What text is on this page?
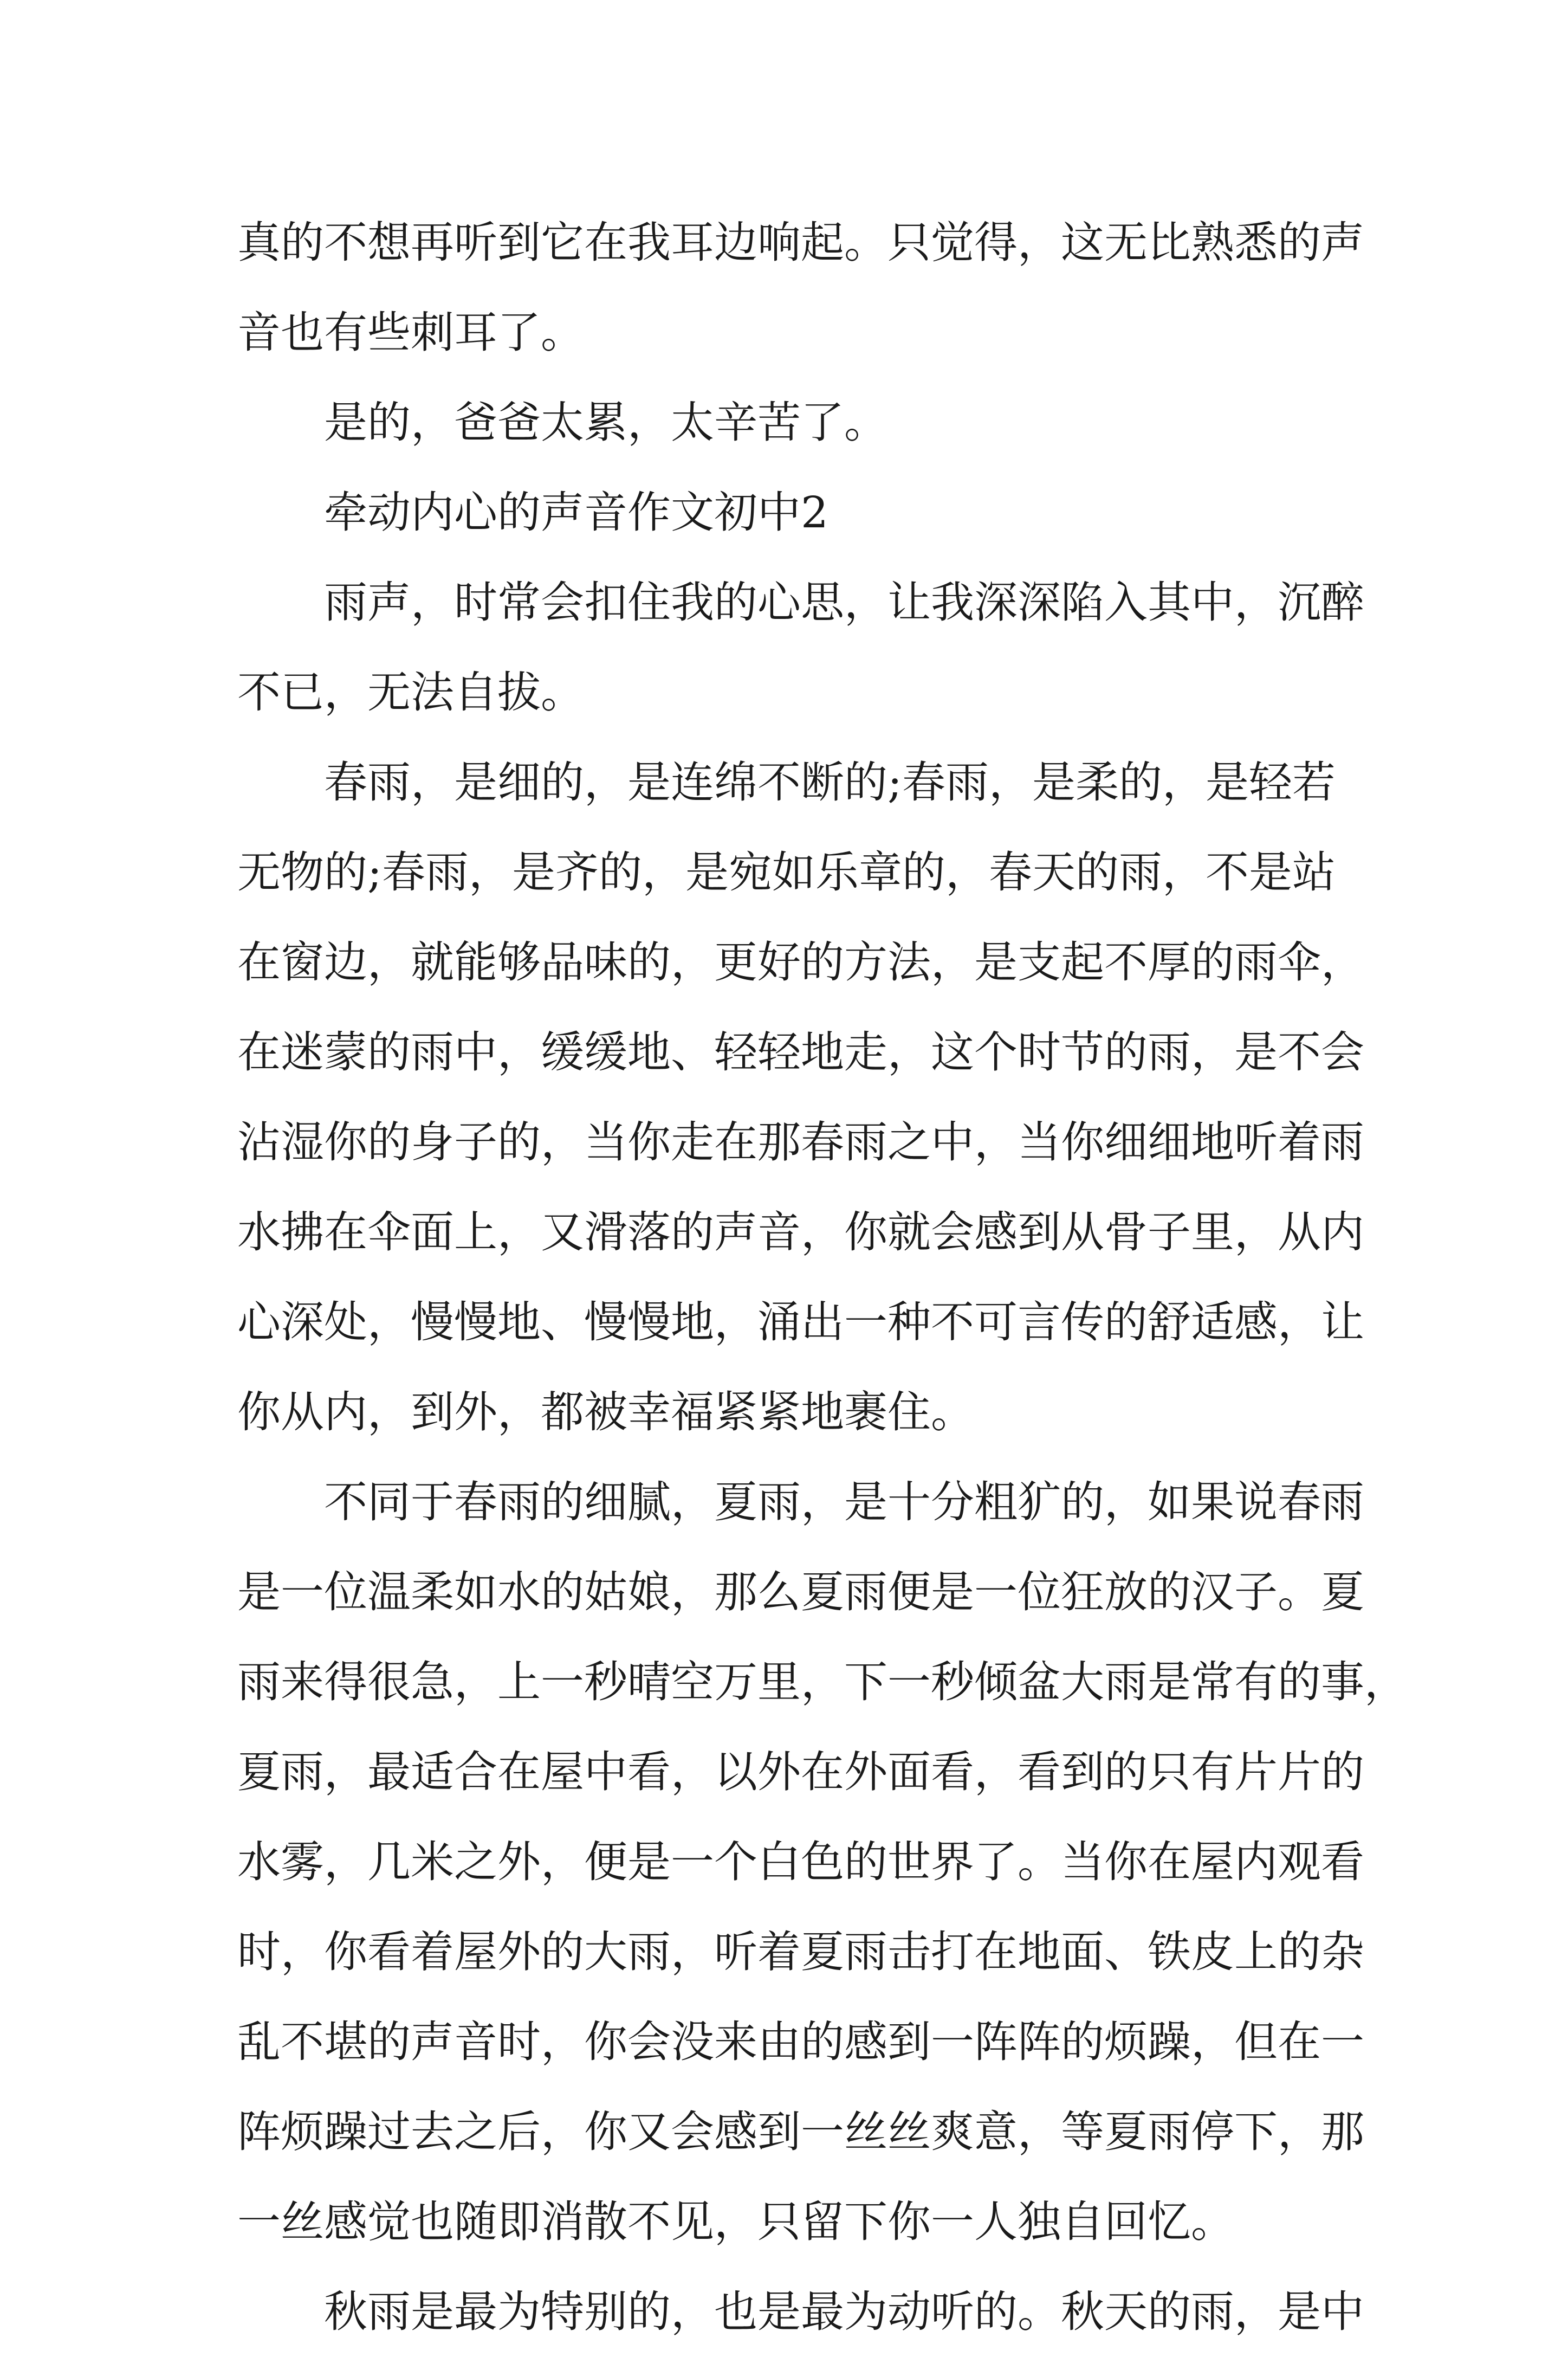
真的不想再听到它在我耳边响起。只觉得，这无比熟悉的声
音也有些刺耳了。
是的，爸爸太累，太辛苦了。
牵动内心的声音作文初中2
雨声，时常会扣住我的心思，让我深深陷入其中，沉醉
不已，无法自拔。
春雨，是细的，是连绵不断的;春雨，是柔的，是轻若
无物的;春雨，是齐的，是宛如乐章的，春天的雨，不是站
在窗边，就能够品味的，更好的方法，是支起不厚的雨伞，
在迷蒙的雨中，缓缓地、轻轻地走，这个时节的雨，是不会
沾湿你的身子的，当你走在那春雨之中，当你细细地听着雨
水拂在伞面上，又滑落的声音，你就会感到从骨子里，从内
心深处，慢慢地、慢慢地，涌出一种不可言传的舒适感，让
你从内，到外，都被幸福紧紧地裹住。
不同于春雨的细腻，夏雨，是十分粗犷的，如果说春雨
是一位温柔如水的姑娘，那么夏雨便是一位狂放的汉子。夏
雨来得很急，上一秒晴空万里，下一秒倾盆大雨是常有的事，
夏雨，最适合在屋中看，以外在外面看，看到的只有片片的
水雾，几米之外，便是一个白色的世界了。当你在屋内观看
时，你看着屋外的大雨，听着夏雨击打在地面、铁皮上的杂
乱不堪的声音时，你会没来由的感到一阵阵的烦躁，但在一
阵烦躁过去之后，你又会感到一丝丝爽意，等夏雨停下，那
一丝感觉也随即消散不见，只留下你一人独自回忆。
秋雨是最为特别的，也是最为动听的。秋天的雨，是中
